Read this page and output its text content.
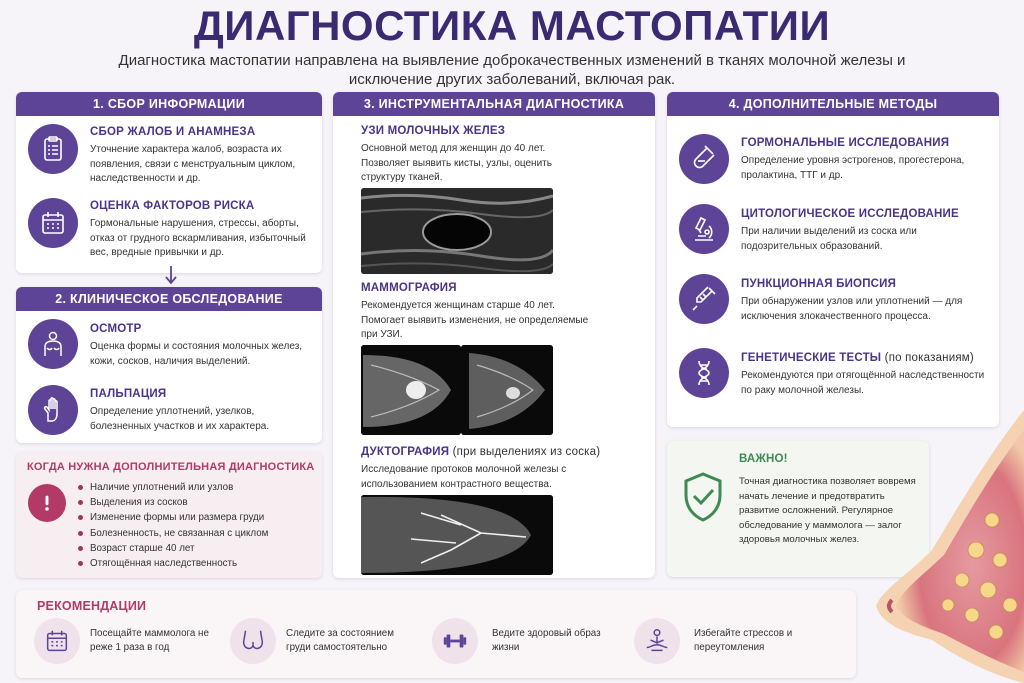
ДИАГНОСТИКА МАСТОПАТИИ
Диагностика мастопатии направлена на выявление доброкачественных изменений в тканях молочной железы и исключение других заболеваний, включая рак.
1. СБОР ИНФОРМАЦИИ
СБОР ЖАЛОБ И АНАМНЕЗА
Уточнение характера жалоб, возраста их появления, связи с менструальным циклом, наследственности и др.
ОЦЕНКА ФАКТОРОВ РИСКА
Гормональные нарушения, стрессы, аборты, отказ от грудного вскармливания, избыточный вес, вредные привычки и др.
2. КЛИНИЧЕСКОЕ ОБСЛЕДОВАНИЕ
ОСМОТР
Оценка формы и состояния молочных желез, кожи, сосков, наличия выделений.
ПАЛЬПАЦИЯ
Определение уплотнений, узелков, болезненных участков и их характера.
КОГДА НУЖНА ДОПОЛНИТЕЛЬНАЯ ДИАГНОСТИКА
Наличие уплотнений или узлов
Выделения из сосков
Изменение формы или размера груди
Болезненность, не связанная с циклом
Возраст старше 40 лет
Отягощённая наследственность
3. ИНСТРУМЕНТАЛЬНАЯ ДИАГНОСТИКА
УЗИ МОЛОЧНЫХ ЖЕЛЕЗ
Основной метод для женщин до 40 лет. Позволяет выявить кисты, узлы, оценить структуру тканей.
МАММОГРАФИЯ
Рекомендуется женщинам старше 40 лет. Помогает выявить изменения, не определяемые при УЗИ.
ДУКТОГРАФИЯ (при выделениях из соска)
Исследование протоков молочной железы с использованием контрастного вещества.
4. ДОПОЛНИТЕЛЬНЫЕ МЕТОДЫ
ГОРМОНАЛЬНЫЕ ИССЛЕДОВАНИЯ
Определение уровня эстрогенов, прогестерона, пролактина, ТТГ и др.
ЦИТОЛОГИЧЕСКОЕ ИССЛЕДОВАНИЕ
При наличии выделений из соска или подозрительных образований.
ПУНКЦИОННАЯ БИОПСИЯ
При обнаружении узлов или уплотнений — для исключения злокачественного процесса.
ГЕНЕТИЧЕСКИЕ ТЕСТЫ (по показаниям)
Рекомендуются при отягощённой наследственности по раку молочной железы.
ВАЖНО!
Точная диагностика позволяет вовремя начать лечение и предотвратить развитие осложнений. Регулярное обследование у маммолога — залог здоровья молочных желез.
РЕКОМЕНДАЦИИ
Посещайте маммолога не реже 1 раза в год
Следите за состоянием груди самостоятельно
Ведите здоровый образ жизни
Избегайте стрессов и переутомления
